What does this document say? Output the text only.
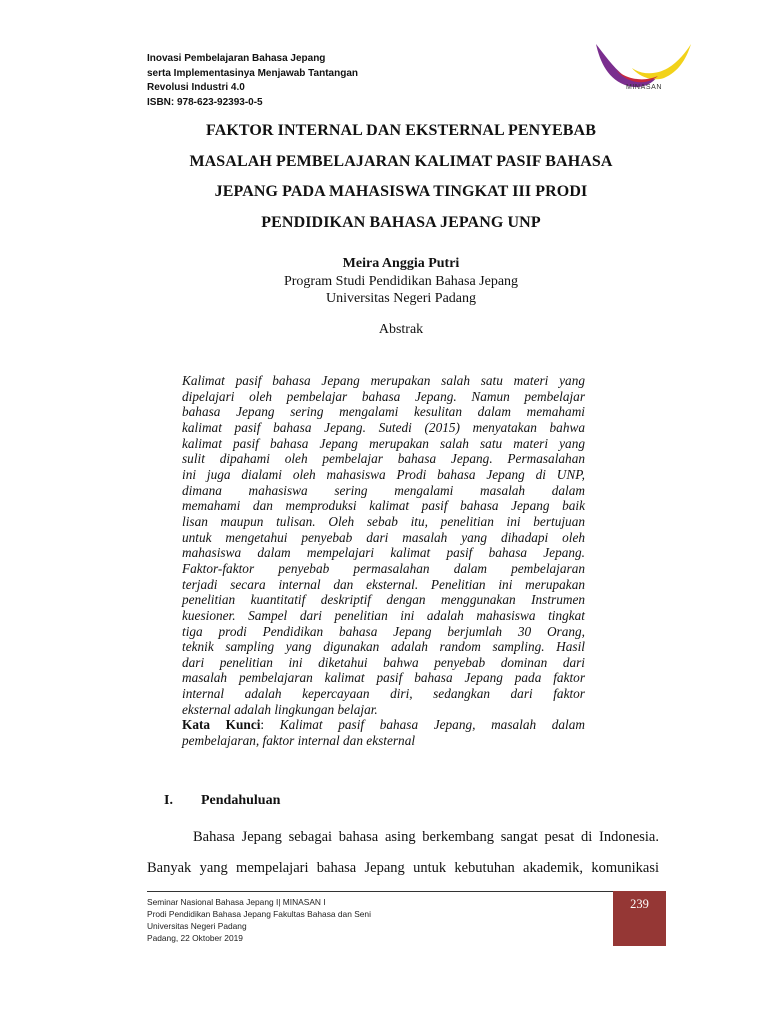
Inovasi Pembelajaran Bahasa Jepang
serta Implementasinya Menjawab Tantangan
Revolusi Industri 4.0
ISBN: 978-623-92393-0-5
MINASAN
FAKTOR INTERNAL DAN EKSTERNAL PENYEBAB
MASALAH PEMBELAJARAN KALIMAT PASIF BAHASA
JEPANG PADA MAHASISWA TINGKAT III PRODI
PENDIDIKAN BAHASA JEPANG UNP
Meira Anggia Putri
Program Studi Pendidikan Bahasa Jepang
Universitas Negeri Padang
Abstrak
Kalimat pasif bahasa Jepang merupakan salah satu materi yang
dipelajari oleh pembelajar bahasa Jepang. Namun pembelajar
bahasa Jepang sering mengalami kesulitan dalam memahami
kalimat pasif bahasa Jepang. Sutedi (2015) menyatakan bahwa
kalimat pasif bahasa Jepang merupakan salah satu materi yang
sulit dipahami oleh pembelajar bahasa Jepang. Permasalahan
ini juga dialami oleh mahasiswa Prodi bahasa Jepang di UNP,
dimana mahasiswa sering mengalami masalah dalam
memahami dan memproduksi kalimat pasif bahasa Jepang baik
lisan maupun tulisan. Oleh sebab itu, penelitian ini bertujuan
untuk mengetahui penyebab dari masalah yang dihadapi oleh
mahasiswa dalam mempelajari kalimat pasif bahasa Jepang.
Faktor-faktor penyebab permasalahan dalam pembelajaran
terjadi secara internal dan eksternal. Penelitian ini merupakan
penelitian kuantitatif deskriptif dengan menggunakan Instrumen
kuesioner. Sampel dari penelitian ini adalah mahasiswa tingkat
tiga prodi Pendidikan bahasa Jepang berjumlah 30 Orang,
teknik sampling yang digunakan adalah random sampling. Hasil
dari penelitian ini diketahui bahwa penyebab dominan dari
masalah pembelajaran kalimat pasif bahasa Jepang pada faktor
internal adalah kepercayaan diri, sedangkan dari faktor
eksternal adalah lingkungan belajar.
Kata Kunci: Kalimat pasif bahasa Jepang, masalah dalam
pembelajaran, faktor internal dan eksternal
I. Pendahuluan
Bahasa Jepang sebagai bahasa asing berkembang sangat pesat di Indonesia.
Banyak yang mempelajari bahasa Jepang untuk kebutuhan akademik, komunikasi
Seminar Nasional Bahasa Jepang I| MINASAN I
Prodi Pendidikan Bahasa Jepang Fakultas Bahasa dan Seni
Universitas Negeri Padang
Padang, 22 Oktober 2019
239
